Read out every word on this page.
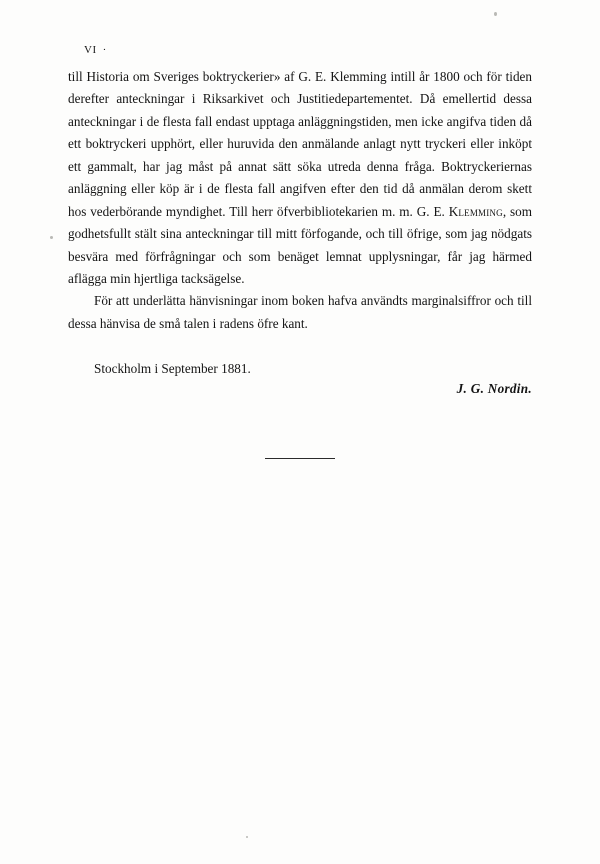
VI ·

till Historia om Sveriges boktryckerier» af G. E. Klemming intill år 1800 och för tiden derefter anteckningar i Riksarkivet och Justitiedepartementet. Då emellertid dessa anteckningar i de flesta fall endast upptaga anläggningstiden, men icke angifva tiden då ett boktryckeri upphört, eller huruvida den anmälande anlagt nytt tryckeri eller inköpt ett gammalt, har jag måst på annat sätt söka utreda denna fråga. Boktryckeriernas anläggning eller köp är i de flesta fall angifven efter den tid då anmälan derom skett hos vederbörande myndighet. Till herr öfverbibliotekarien m. m. G. E. Klemming, som godhetsfullt stält sina anteckningar till mitt förfogande, och till öfrige, som jag nödgats besvära med förfrågningar och som benäget lemnat upplysningar, får jag härmed aflägga min hjertliga tacksägelse.

För att underlätta hänvisningar inom boken hafva användts marginalsiffror och till dessa hänvisa de små talen i radens öfre kant.

Stockholm i September 1881.
J. G. Nordin.
